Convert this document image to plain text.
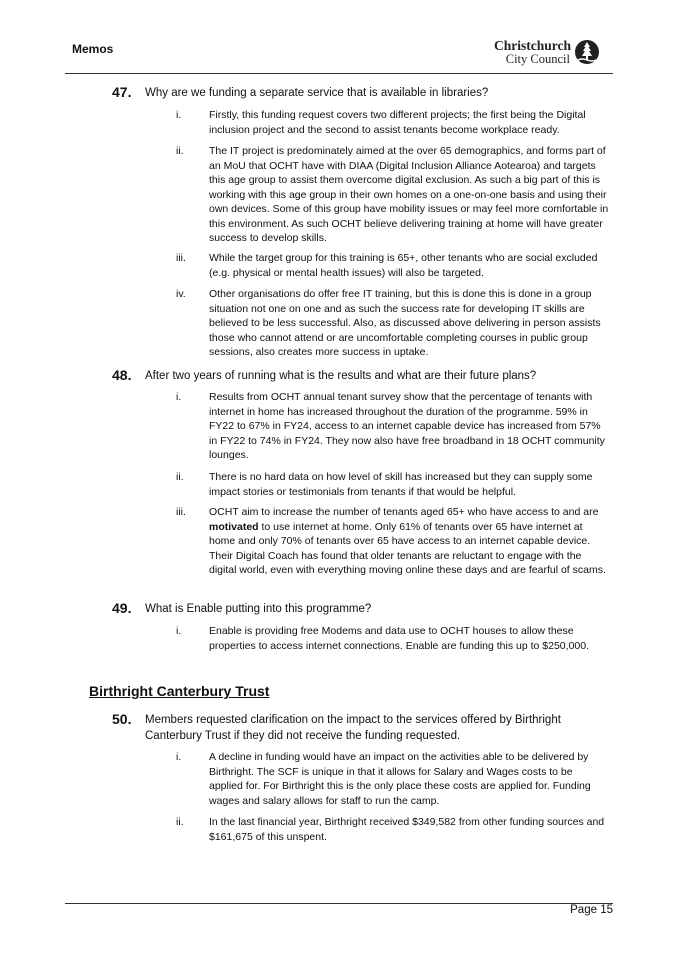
Memos	Christchurch
City Council
47. Why are we funding a separate service that is available in libraries?
i.	Firstly, this funding request covers two different projects; the first being the Digital inclusion project and the second to assist tenants become workplace ready.
ii. The IT project is predominately aimed at the over 65 demographics, and forms part of an MoU that OCHT have with DIAA (Digital Inclusion Alliance Aotearoa) and targets this age group to assist them overcome digital exclusion. As such a big part of this is working with this age group in their own homes on a one-on-one basis and using their own devices. Some of this group have mobility issues or may feel more comfortable in this environment. As such OCHT believe delivering training at home will have greater success to develop skills.
iii. While the target group for this training is 65+, other tenants who are social excluded (e.g. physical or mental health issues) will also be targeted.
iv. Other organisations do offer free IT training, but this is done this is done in a group situation not one on one and as such the success rate for developing IT skills are believed to be less successful. Also, as discussed above delivering in person assists those who cannot attend or are uncomfortable completing courses in public group sessions, also creates more success in uptake.
48. After two years of running what is the results and what are their future plans?
i.	Results from OCHT annual tenant survey show that the percentage of tenants with internet in home has increased throughout the duration of the programme. 59% in FY22 to 67% in FY24, access to an internet capable device has increased from 57% in FY22 to 74% in FY24. They now also have free broadband in 18 OCHT community lounges.
ii. There is no hard data on how level of skill has increased but they can supply some impact stories or testimonials from tenants if that would be helpful.
iii. OCHT aim to increase the number of tenants aged 65+ who have access to and are motivated to use internet at home. Only 61% of tenants over 65 have internet at home and only 70% of tenants over 65 have access to an internet capable device. Their Digital Coach has found that older tenants are reluctant to engage with the digital world, even with everything moving online these days and are fearful of scams.
49. What is Enable putting into this programme?
i.	Enable is providing free Modems and data use to OCHT houses to allow these properties to access internet connections. Enable are funding this up to $250,000.
Birthright Canterbury Trust
50. Members requested clarification on the impact to the services offered by Birthright Canterbury Trust if they did not receive the funding requested.
i.	A decline in funding would have an impact on the activities able to be delivered by Birthright. The SCF is unique in that it allows for Salary and Wages costs to be applied for. For Birthright this is the only place these costs are applied for. Funding wages and salary allows for staff to run the camp.
ii. In the last financial year, Birthright received $349,582 from other funding sources and $161,675 of this unspent.
Page 15
